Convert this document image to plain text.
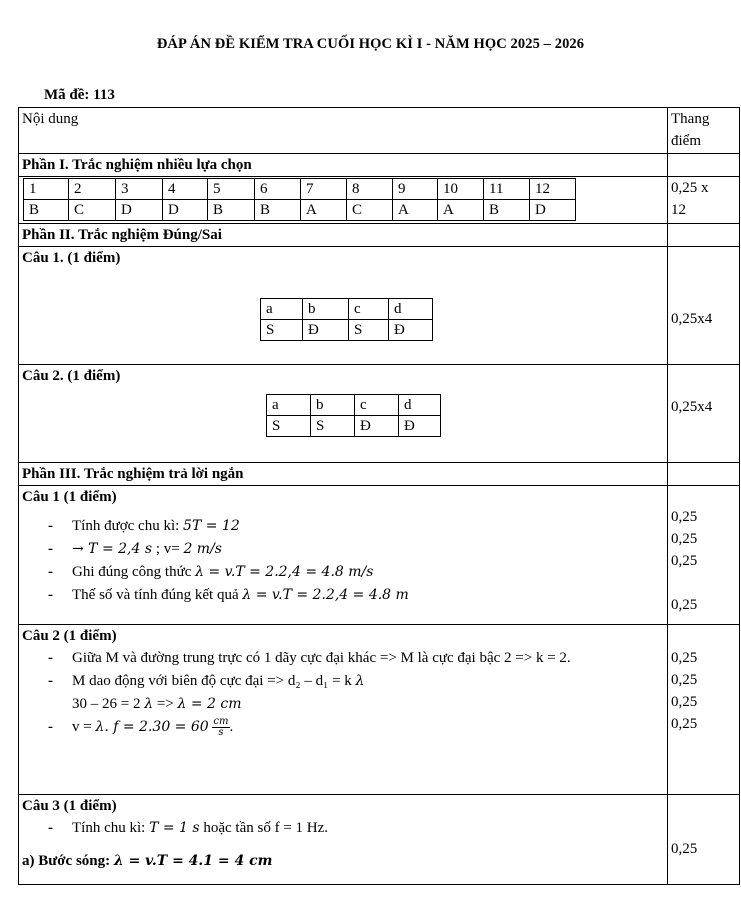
ĐÁP ÁN ĐỀ KIỂM TRA CUỐI HỌC KÌ I - NĂM HỌC 2025 – 2026
Mã đề: 113
Nội dung	Thang
điểm

Phần I. Trắc nghiệm nhiều lựa chọn	

1	2	3	4	5	6	7	8	9	10	11	12
B	C	D	D	B	B	A	C	A	A	B	D

0,25 x
12

Phần II. Trắc nghiệm Đúng/Sai	

Câu 1. (1 điểm)
a	b	c	d
S	Đ	S	Đ
	0,25x4

Câu 2. (1 điểm)
a	b	c	d
S	S	Đ	Đ
	0,25x4
Phần III. Trắc nghiệm trả lời ngắn	

Câu 1 (1 điểm)
- Tính được chu kì: 5T = 12
- → T = 2,4 s ; v= 2 m/s
- Ghi đúng công thức λ = v.T = 2.2,4 = 4.8 m/s
- Thế số và tính đúng kết quả λ = v.T = 2.2,4 = 4.8 m

0,25
0,25
0,25
0,25

Câu 2 (1 điểm)
- Giữa M và đường trung trực có 1 dãy cực đại khác => M là cực đại bậc 2 => k = 2.
- M dao động với biên độ cực đại => d₂ – d₁ = k λ
30 – 26 = 2 λ => λ = 2 cm
- v = λ. $f = 2.30 = 60 \frac{cm}{s}$ .

0,25
0,25
0,25
0,25

Câu 3 (1 điểm)
- Tính chu kì: T = 1 s hoặc tần số f = 1 Hz.
a) Bước sóng: λ = v.T = 4.1 = 4 cm
	0,25
